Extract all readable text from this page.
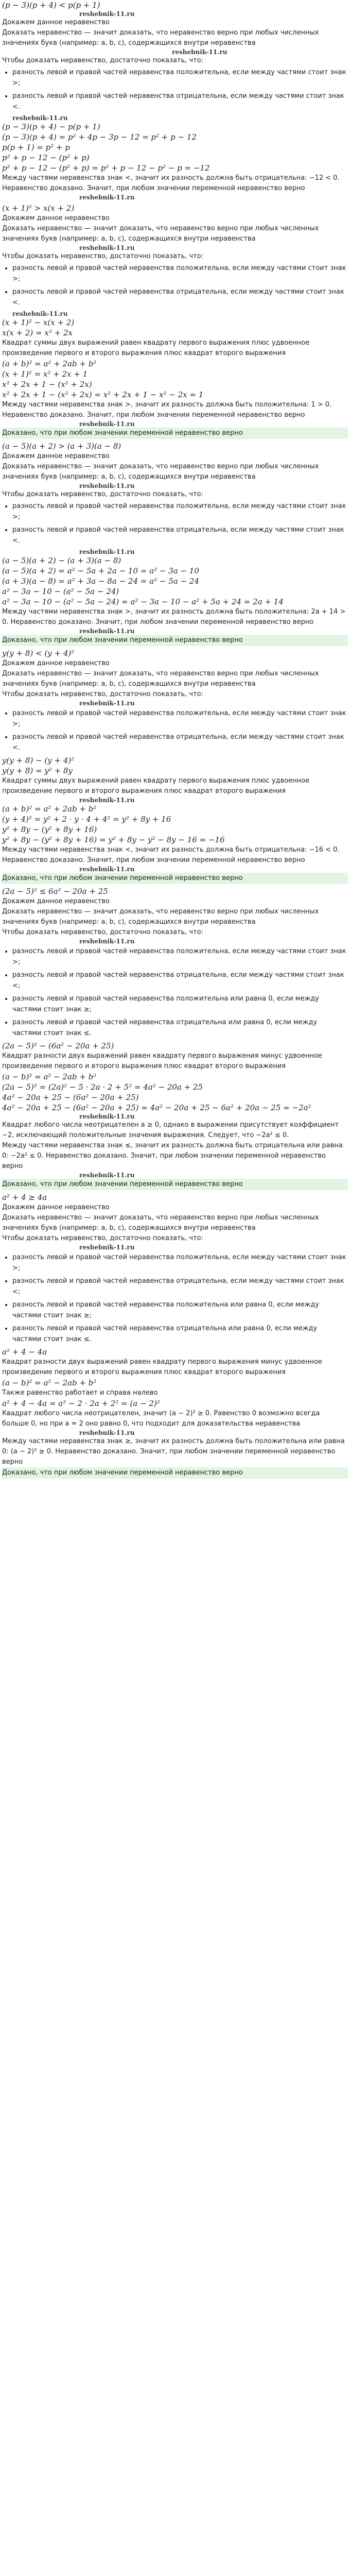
(p − 3)(p + 4) < p(p + 1)
reshebnik-11.ru

Докажем данное неравенство

Доказать неравенство — значит доказать, что неравенство верно при любых численных значениях букв (например: a, b, c), содержащихся внутри неравенства

reshebnik-11.ru

Чтобы доказать неравенство, достаточно показать, что:

• разность левой и правой частей неравенства положительна, если между частями стоит знак >;
• разность левой и правой частей неравенства отрицательна, если между частями стоит знак <.
reshebnik-11.ru
(p − 3)(p + 4) − p(p + 1)
(p − 3)(p + 4) = p² + 4p − 3p − 12 = p² + p − 12
p(p + 1) = p² + p
p² + p − 12 − (p² + p)
p² + p − 12 − (p² + p) = p² + p − 12 − p² − p = −12

Между частями неравенства знак <, значит их разность должна быть отрицательна: −12 < 0. Неравенство доказано. Значит, при любом значении переменной неравенство верно

reshebnik-11.ru
(x + 1)² > x(x + 2)

Докажем данное неравенство

Доказать неравенство — значит доказать, что неравенство верно при любых численных значениях букв (например: a, b, c), содержащихся внутри неравенства

reshebnik-11.ru

Чтобы доказать неравенство, достаточно показать, что:

• разность левой и правой частей неравенства положительна, если между частями стоит знак >;
• разность левой и правой частей неравенства отрицательна, если между частями стоит знак <.
reshebnik-11.ru
(x + 1)² − x(x + 2)
x(x + 2) = x² + 2x

Квадрат суммы двух выражений равен квадрату первого выражения плюс удвоенное произведение первого и второго выражения плюс квадрат второго выражения

(a + b)² = a² + 2ab + b²
(x + 1)² = x² + 2x + 1
x² + 2x + 1 − (x² + 2x)
x² + 2x + 1 − (x² + 2x) = x² + 2x + 1 − x² − 2x = 1

Между частями неравенства знак >, значит их разность должна быть положительна: 1 > 0. Неравенство доказано. Значит, при любом значении переменной неравенство верно

reshebnik-11.ru
Доказано, что при любом значении переменной неравенство верно
(a − 5)(a + 2) > (a + 3)(a − 8)

Докажем данное неравенство

Доказать неравенство — значит доказать, что неравенство верно при любых численных значениях букв (например: a, b, c), содержащихся внутри неравенства

reshebnik-11.ru

Чтобы доказать неравенство, достаточно показать, что:

• разность левой и правой частей неравенства положительна, если между частями стоит знак >;
• разность левой и правой частей неравенства отрицательна, если между частями стоит знак <.
reshebnik-11.ru
(a − 5)(a + 2) − (a + 3)(a − 8)
(a − 5)(a + 2) = a² − 5a + 2a − 10 = a² − 3a − 10
(a + 3)(a − 8) = a² + 3a − 8a − 24 = a² − 5a − 24
a² − 3a − 10 − (a² − 5a − 24)
a² − 3a − 10 − (a² − 5a − 24) = a² − 3a − 10 − a² + 5a + 24 = 2a + 14

Между частями неравенства знак >, значит их разность должна быть положительна: 2a + 14 > 0. Неравенство доказано. Значит, при любом значении переменной неравенство верно

reshebnik-11.ru
Доказано, что при любом значении переменной неравенство верно
y(y + 8) < (y + 4)²

Докажем данное неравенство

Доказать неравенство — значит доказать, что неравенство верно при любых численных значениях букв (например: a, b, c), содержащихся внутри неравенства

Чтобы доказать неравенство, достаточно показать, что:

reshebnik-11.ru
• разность левой и правой частей неравенства положительна, если между частями стоит знак >;
• разность левой и правой частей неравенства отрицательна, если между частями стоит знак <.
y(y + 8) − (y + 4)²
y(y + 8) = y² + 8y

Квадрат суммы двух выражений равен квадрату первого выражения плюс удвоенное произведение первого и второго выражения плюс квадрат второго выражения

reshebnik-11.ru
(a + b)² = a² + 2ab + b²
(y + 4)² = y² + 2 · y · 4 + 4² = y² + 8y + 16
y² + 8y − (y² + 8y + 16)
y² + 8y − (y² + 8y + 16) = y² + 8y − y² − 8y − 16 = −16

Между частями неравенства знак <, значит их разность должна быть отрицательна: −16 < 0. Неравенство доказано. Значит, при любом значении переменной неравенство верно

reshebnik-11.ru
Доказано, что при любом значении переменной неравенство верно
(2a − 5)² ≤ 6a² − 20a + 25

Докажем данное неравенство

Доказать неравенство — значит доказать, что неравенство верно при любых численных значениях букв (например: a, b, c), содержащихся внутри неравенства

Чтобы доказать неравенство, достаточно показать, что:

reshebnik-11.ru
• разность левой и правой частей неравенства положительна, если между частями стоит знак >;
• разность левой и правой частей неравенства отрицательна, если между частями стоит знак <;
• разность левой и правой частей неравенства положительна или равна 0, если между частями стоит знак ≥;
• разность левой и правой частей неравенства отрицательна или равна 0, если между частями стоит знак ≤.
(2a − 5)² − (6a² − 20a + 25)

Квадрат разности двух выражений равен квадрату первого выражения минус удвоенное произведение первого и второго выражения плюс квадрат второго выражения

(a − b)² = a² − 2ab + b²
(2a − 5)² = (2a)² − 5 · 2a · 2 + 5² = 4a² − 20a + 25
4a² − 20a + 25 − (6a² − 20a + 25)
4a² − 20a + 25 − (6a² − 20a + 25) = 4a² − 20a + 25 − 6a² + 20a − 25 = −2a²
reshebnik-11.ru

Квадрат любого числа неотрицателен a ≥ 0, однако в выражении присутствует коэффициент −2, исключающий положительные значения выражения. Следует, что −2a² ≤ 0.

Между частями неравенства знак ≤, значит их разность должна быть отрицательна или равна 0: −2a² ≤ 0. Неравенство доказано. Значит, при любом значении переменной неравенство верно

reshebnik-11.ru
Доказано, что при любом значении переменной неравенство верно
a² + 4 ≥ 4a

Докажем данное неравенство

Доказать неравенство — значит доказать, что неравенство верно при любых численных значениях букв (например: a, b, c), содержащихся внутри неравенства

Чтобы доказать неравенство, достаточно показать, что:

reshebnik-11.ru
• разность левой и правой частей неравенства положительна, если между частями стоит знак >;
• разность левой и правой частей неравенства отрицательна, если между частями стоит знак <;
• разность левой и правой частей неравенства положительна или равна 0, если между частями стоит знак ≥;
• разность левой и правой частей неравенства отрицательна или равна 0, если между частями стоит знак ≤.
a² + 4 − 4a

Квадрат разности двух выражений равен квадрату первого выражения минус удвоенное произведение первого и второго выражения плюс квадрат второго выражения

(a − b)² = a² − 2ab + b²

Также равенство работает и справа налево

a² + 4 − 4a = a² − 2 · 2a + 2² = (a − 2)²

Квадрат любого числа неотрицателен, значит (a − 2)² ≥ 0. Равенство 0 возможно всегда больше 0, но при a = 2 оно равно 0, что подходит для доказательства неравенства

reshebnik-11.ru

Между частями неравенства знак ≥, значит их разность должна быть положительна или равна 0: (a − 2)² ≥ 0. Неравенство доказано. Значит, при любом значении переменной неравенство верно

Доказано, что при любом значении переменной неравенство верно
